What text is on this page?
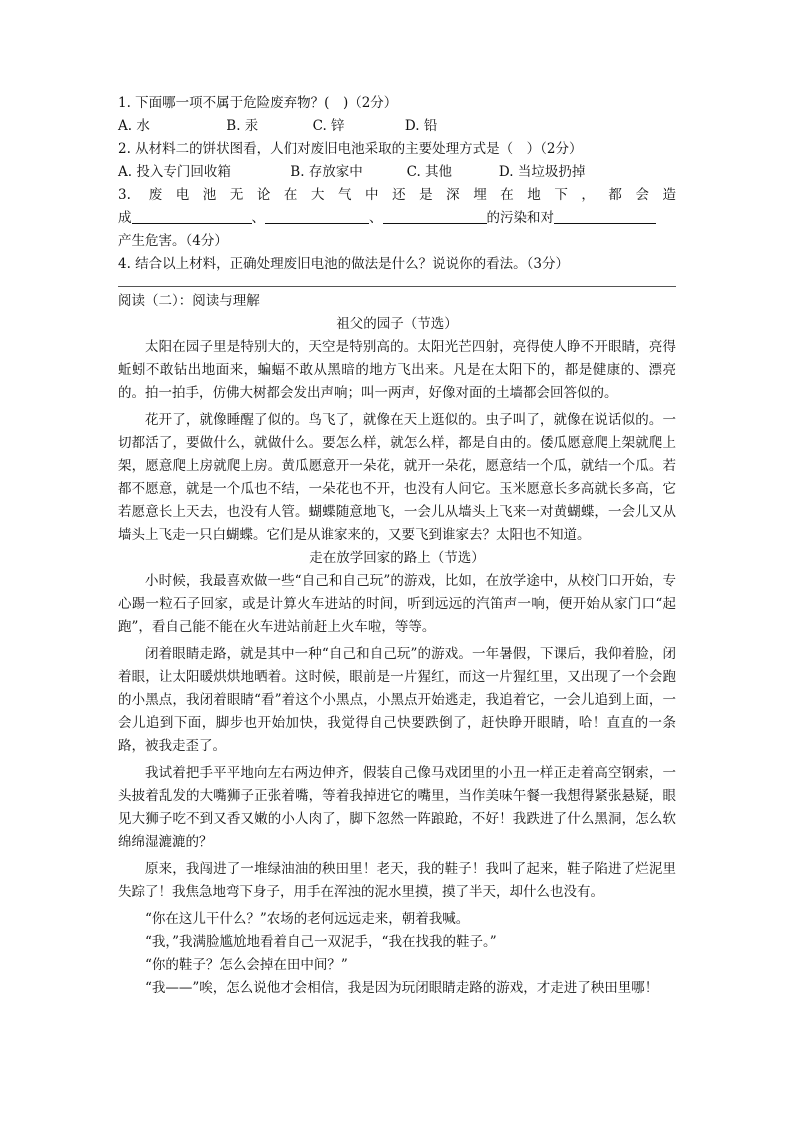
1. 下面哪一项不属于危险废弃物？(　)（2分）
A. 水	B. 汞	C. 锌	D. 铅
2. 从材料二的饼状图看，人们对废旧电池采取的主要处理方式是（　）（2分）
A. 投入专门回收箱	B. 存放家中	C. 其他	D. 当垃圾扔掉
3. 废电池无论在大气中还是深埋在地下，都会造
成	、	、	的污染和对
产生危害。（4分）
4. 结合以上材料，正确处理废旧电池的做法是什么？说说你的看法。（3分）
阅读（二）：阅读与理解
祖父的园子（节选）

太阳在园子里是特别大的，天空是特别高的。太阳光芒四射，亮得使人睁不开眼睛，亮得蚯蚓不敢钻出地面来，蝙蝠不敢从黑暗的地方飞出来。凡是在太阳下的，都是健康的、漂亮的。拍一拍手，仿佛大树都会发出声响；叫一两声，好像对面的土墙都会回答似的。

花开了，就像睡醒了似的。鸟飞了，就像在天上逛似的。虫子叫了，就像在说话似的。一切都活了，要做什么，就做什么。要怎么样，就怎么样，都是自由的。倭瓜愿意爬上架就爬上架，愿意爬上房就爬上房。黄瓜愿意开一朵花，就开一朵花，愿意结一个瓜，就结一个瓜。若都不愿意，就是一个瓜也不结，一朵花也不开，也没有人问它。玉米愿意长多高就长多高，它若愿意长上天去，也没有人管。蝴蝶随意地飞，一会儿从墙头上飞来一对黄蝴蝶，一会儿又从墙头上飞走一只白蝴蝶。它们是从谁家来的，又要飞到谁家去？太阳也不知道。

走在放学回家的路上（节选）

小时候，我最喜欢做一些“自己和自己玩”的游戏，比如，在放学途中，从校门口开始，专心踢一粒石子回家，或是计算火车进站的时间，听到远远的汽笛声一响，便开始从家门口“起跑”，看自己能不能在火车进站前赶上火车啦，等等。

闭着眼睛走路，就是其中一种“自己和自己玩”的游戏。一年暑假，下课后，我仰着脸，闭着眼，让太阳暖烘烘地晒着。这时候，眼前是一片猩红，而这一片猩红里，又出现了一个会跑的小黑点，我闭着眼睛“看”着这个小黑点，小黑点开始逃走，我追着它，一会儿追到上面，一会儿追到下面，脚步也开始加快，我觉得自己快要跌倒了，赶快睁开眼睛，哈！直直的一条路，被我走歪了。

我试着把手平平地向左右两边伸齐，假装自己像马戏团里的小丑一样正走着高空钢索，一头披着乱发的大嘴狮子正张着嘴，等着我掉进它的嘴里，当作美味午餐一我想得紧张悬疑，眼见大狮子吃不到又香又嫩的小人肉了，脚下忽然一阵踉跄，不好！我跌进了什么黑洞，怎么软绵绵湿漉漉的？

原来，我闯进了一堆绿油油的秧田里！老天，我的鞋子！我叫了起来，鞋子陷进了烂泥里失踪了！我焦急地弯下身子，用手在浑浊的泥水里摸，摸了半天，却什么也没有。

“你在这儿干什么？”农场的老何远远走来，朝着我喊。

“我，”我满脸尴尬地看着自己一双泥手，“我在找我的鞋子。”

“你的鞋子？怎么会掉在田中间？”

“我——”唉，怎么说他才会相信，我是因为玩闭眼睛走路的游戏，才走进了秧田里哪！
